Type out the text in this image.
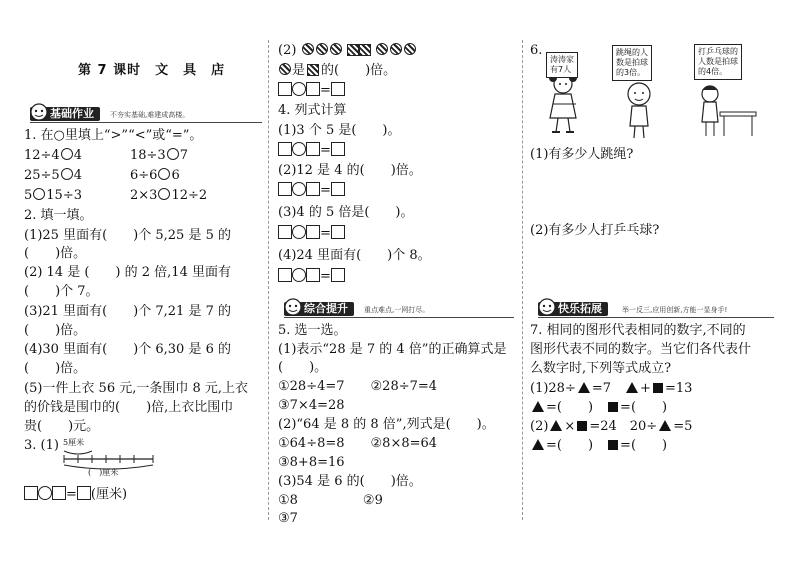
第 7 课时　文　具　店
基础作业	不夯实基础,难建成高楼。
1. 在○里填上“>”“<”或“=”。
12÷4 4	18÷3 7
25÷5 4	6÷6 6
5 15÷3	2×3 12÷2
2. 填一填。
(1)25 里面有(　　)个 5,25 是 5 的
(　　)倍。
(2) 14 是 (　　) 的 2 倍,14 里面有
(　　)个 7。
(3)21 里面有(　　)个 7,21 是 7 的
(　　)倍。
(4)30 里面有(　　)个 6,30 是 6 的
(　　)倍。
(5)一件上衣 56 元,一条围巾 8 元,上衣
的价钱是围巾的(　　)倍,上衣比围巾
贵(　　)元。
3. (1) 5厘米
(　)厘米
= (厘米)
(2)
是 的(　　)倍。
=
4. 列式计算
(1)3 个 5 是(　　)。
=
(2)12 是 4 的(　　)倍。
=
(3)4 的 5 倍是(　　)。
=
(4)24 里面有(　　)个 8。
=
综合提升	重点难点,一网打尽。
5. 选一选。
(1)表示“28 是 7 的 4 倍”的正确算式是
(　　)。
①28÷4=7　　②28÷7=4
③7×4=28
(2)“64 是 8 的 8 倍”,列式是(　　)。
①64÷8=8　　②8×8=64
③8+8=16
(3)54 是 6 的(　　)倍。
①8　　　　　②9
③7
6.
涛涛家
有7人
跳绳的人
数是拍球
的3倍。
打乒乓球的
人数是拍球
的4倍。
(1)有多少人跳绳?
(2)有多少人打乒乓球?
快乐拓展	举一反三,应用创新,方能一显身手!
7. 相同的图形代表相同的数字,不同的
图形代表不同的数字。当它们各代表什
么数字时,下列等式成立?
(1)28÷ =7　+ =13
=(　　)　=(　　)
(2) × =24　20÷ =5
=(　　)　=(　　)
